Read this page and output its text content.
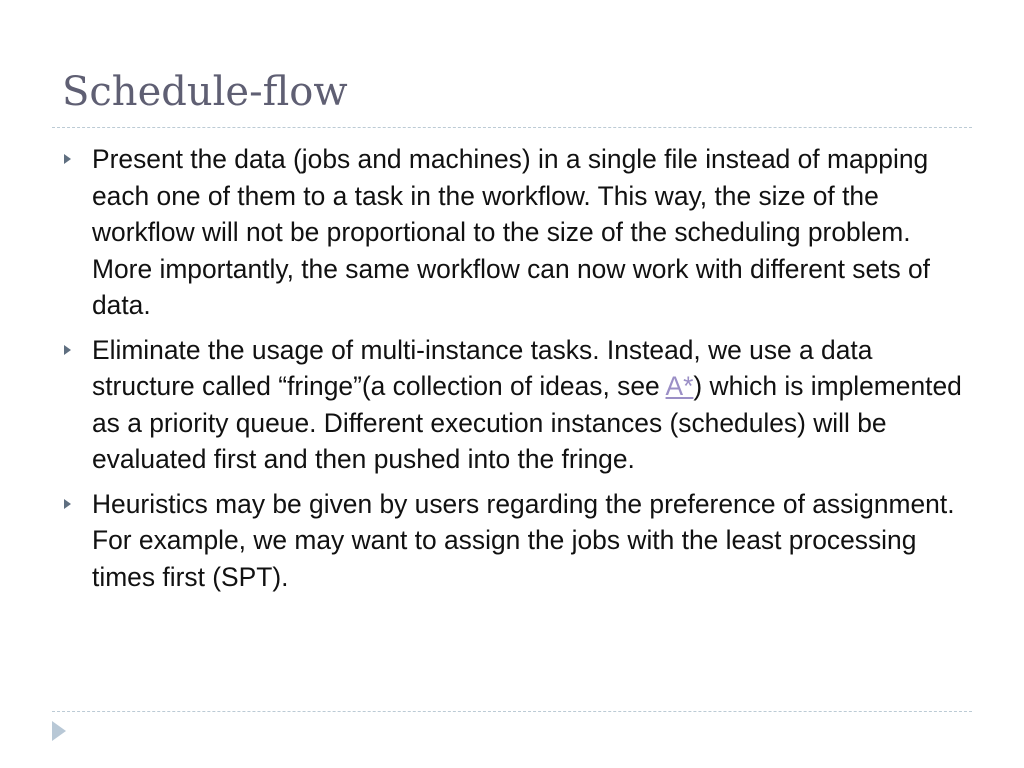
Schedule-flow
Present the data (jobs and machines) in a single file instead of mapping each one of them to a task in the workflow. This way, the size of the workflow will not be proportional to the size of the scheduling problem. More importantly, the same workflow can now work with different sets of data.
Eliminate the usage of multi-instance tasks. Instead, we use a data structure called “fringe”(a collection of ideas, see A*) which is implemented as a priority queue. Different execution instances (schedules) will be evaluated first and then pushed into the fringe.
Heuristics may be given by users regarding the preference of assignment. For example, we may want to assign the jobs with the least processing times first (SPT).
